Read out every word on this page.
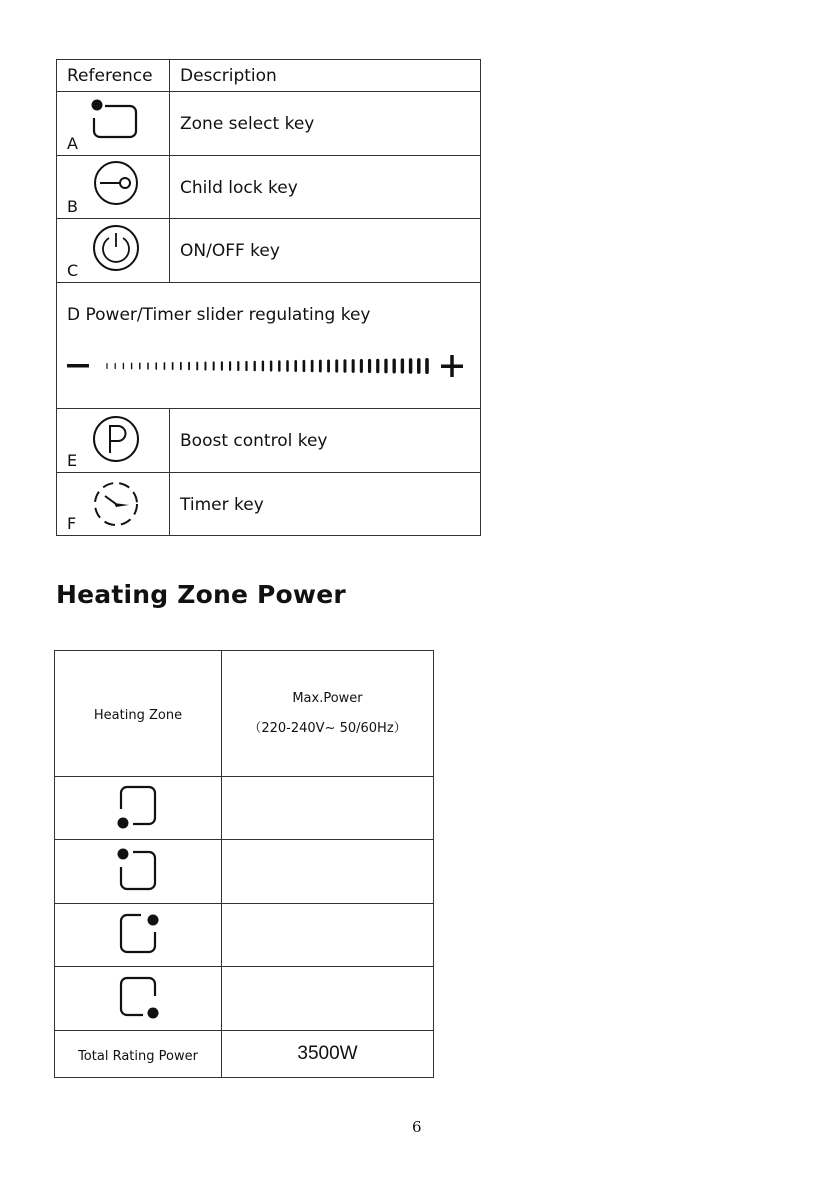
Reference	Description

A	Zone select key

B	Child lock key

C	ON/OFF key

D Power/Timer slider regulating key	

E	Boost control key

F	Timer key
Heating Zone Power
Heating Zone	Max.Power
（220-240V~ 50/60Hz）

Total Rating Power	3500W
6
